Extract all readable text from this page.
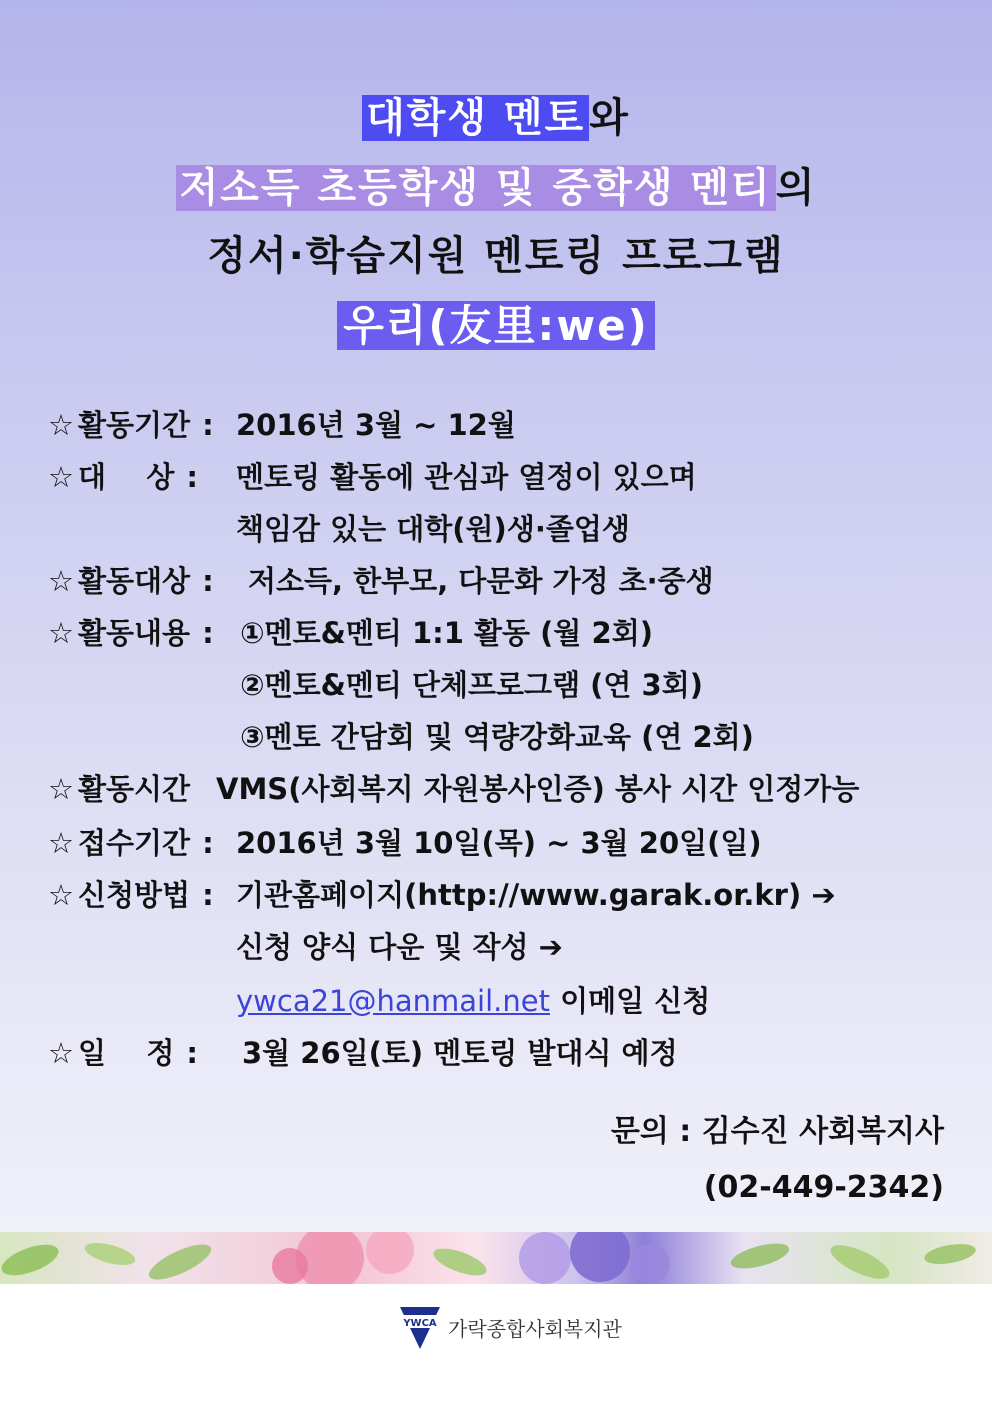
대학생 멘토 와
저소득 초등학생 및 중학생 멘티 의
정서·학습지원 멘토링 프로그램
우리(友里:we)
☆ 활동기간 : 2016년 3월 ~ 12월
☆ 대    상 :	멘토링 활동에 관심과 열정이 있으며
책임감 있는 대학(원)생·졸업생
☆ 활동대상 :	저소득, 한부모, 다문화 가정 초·중생
☆ 활동내용 : ①멘토&멘티 1:1 활동 (월 2회)
②멘토&멘티 단체프로그램 (연 3회)
③멘토 간담회 및 역량강화교육 (연 2회)
☆ 활동시간 VMS(사회복지 자원봉사인증) 봉사 시간 인정가능
☆ 접수기간 : 2016년 3월 10일(목) ~ 3월 20일(일)
☆ 신청방법 : 기관홈페이지(http://www.garak.or.kr) ➔
신청 양식 다운 및 작성 ➔
ywca21@hanmail.net 이메일 신청
☆ 일    정 :	3월 26일(토) 멘토링 발대식 예정
문의 : 김수진 사회복지사
(02-449-2342)
YWCA 가락종합사회복지관
